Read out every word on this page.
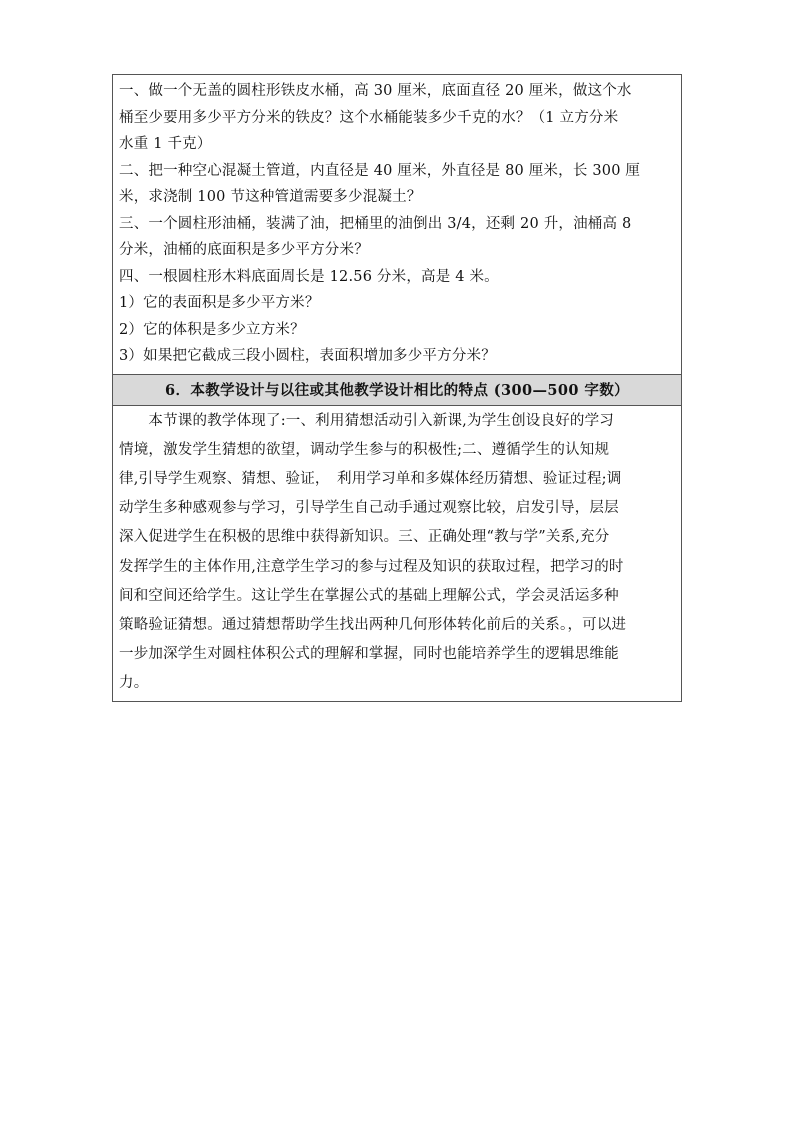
一、做一个无盖的圆柱形铁皮水桶，高 30 厘米，底面直径 20 厘米，做这个水
桶至少要用多少平方分米的铁皮？这个水桶能装多少千克的水？（1 立方分米
水重 1 千克）
二、把一种空心混凝土管道，内直径是 40 厘米，外直径是 80 厘米，长 300 厘
米，求浇制 100 节这种管道需要多少混凝土？
三、一个圆柱形油桶，装满了油，把桶里的油倒出 3/4，还剩 20 升，油桶高 8
分米，油桶的底面积是多少平方分米？
四、一根圆柱形木料底面周长是 12.56 分米，高是 4 米。
1）它的表面积是多少平方米？
2）它的体积是多少立方米？
3）如果把它截成三段小圆柱，表面积增加多少平方分米？
6．本教学设计与以往或其他教学设计相比的特点 (300—500 字数）
　　本节课的教学体现了:一、利用猜想活动引入新课,为学生创设良好的学习
情境，激发学生猜想的欲望，调动学生参与的积极性;二、遵循学生的认知规
律,引导学生观察、猜想、验证，　利用学习单和多媒体经历猜想、验证过程;调
动学生多种感观参与学习，引导学生自己动手通过观察比较，启发引导，层层
深入促进学生在积极的思维中获得新知识。三、正确处理“教与学”关系,充分
发挥学生的主体作用,注意学生学习的参与过程及知识的获取过程，把学习的时
间和空间还给学生。这让学生在掌握公式的基础上理解公式，学会灵活运多种
策略验证猜想。通过猜想帮助学生找出两种几何形体转化前后的关系。，可以进
一步加深学生对圆柱体积公式的理解和掌握，同时也能培养学生的逻辑思维能
力。
